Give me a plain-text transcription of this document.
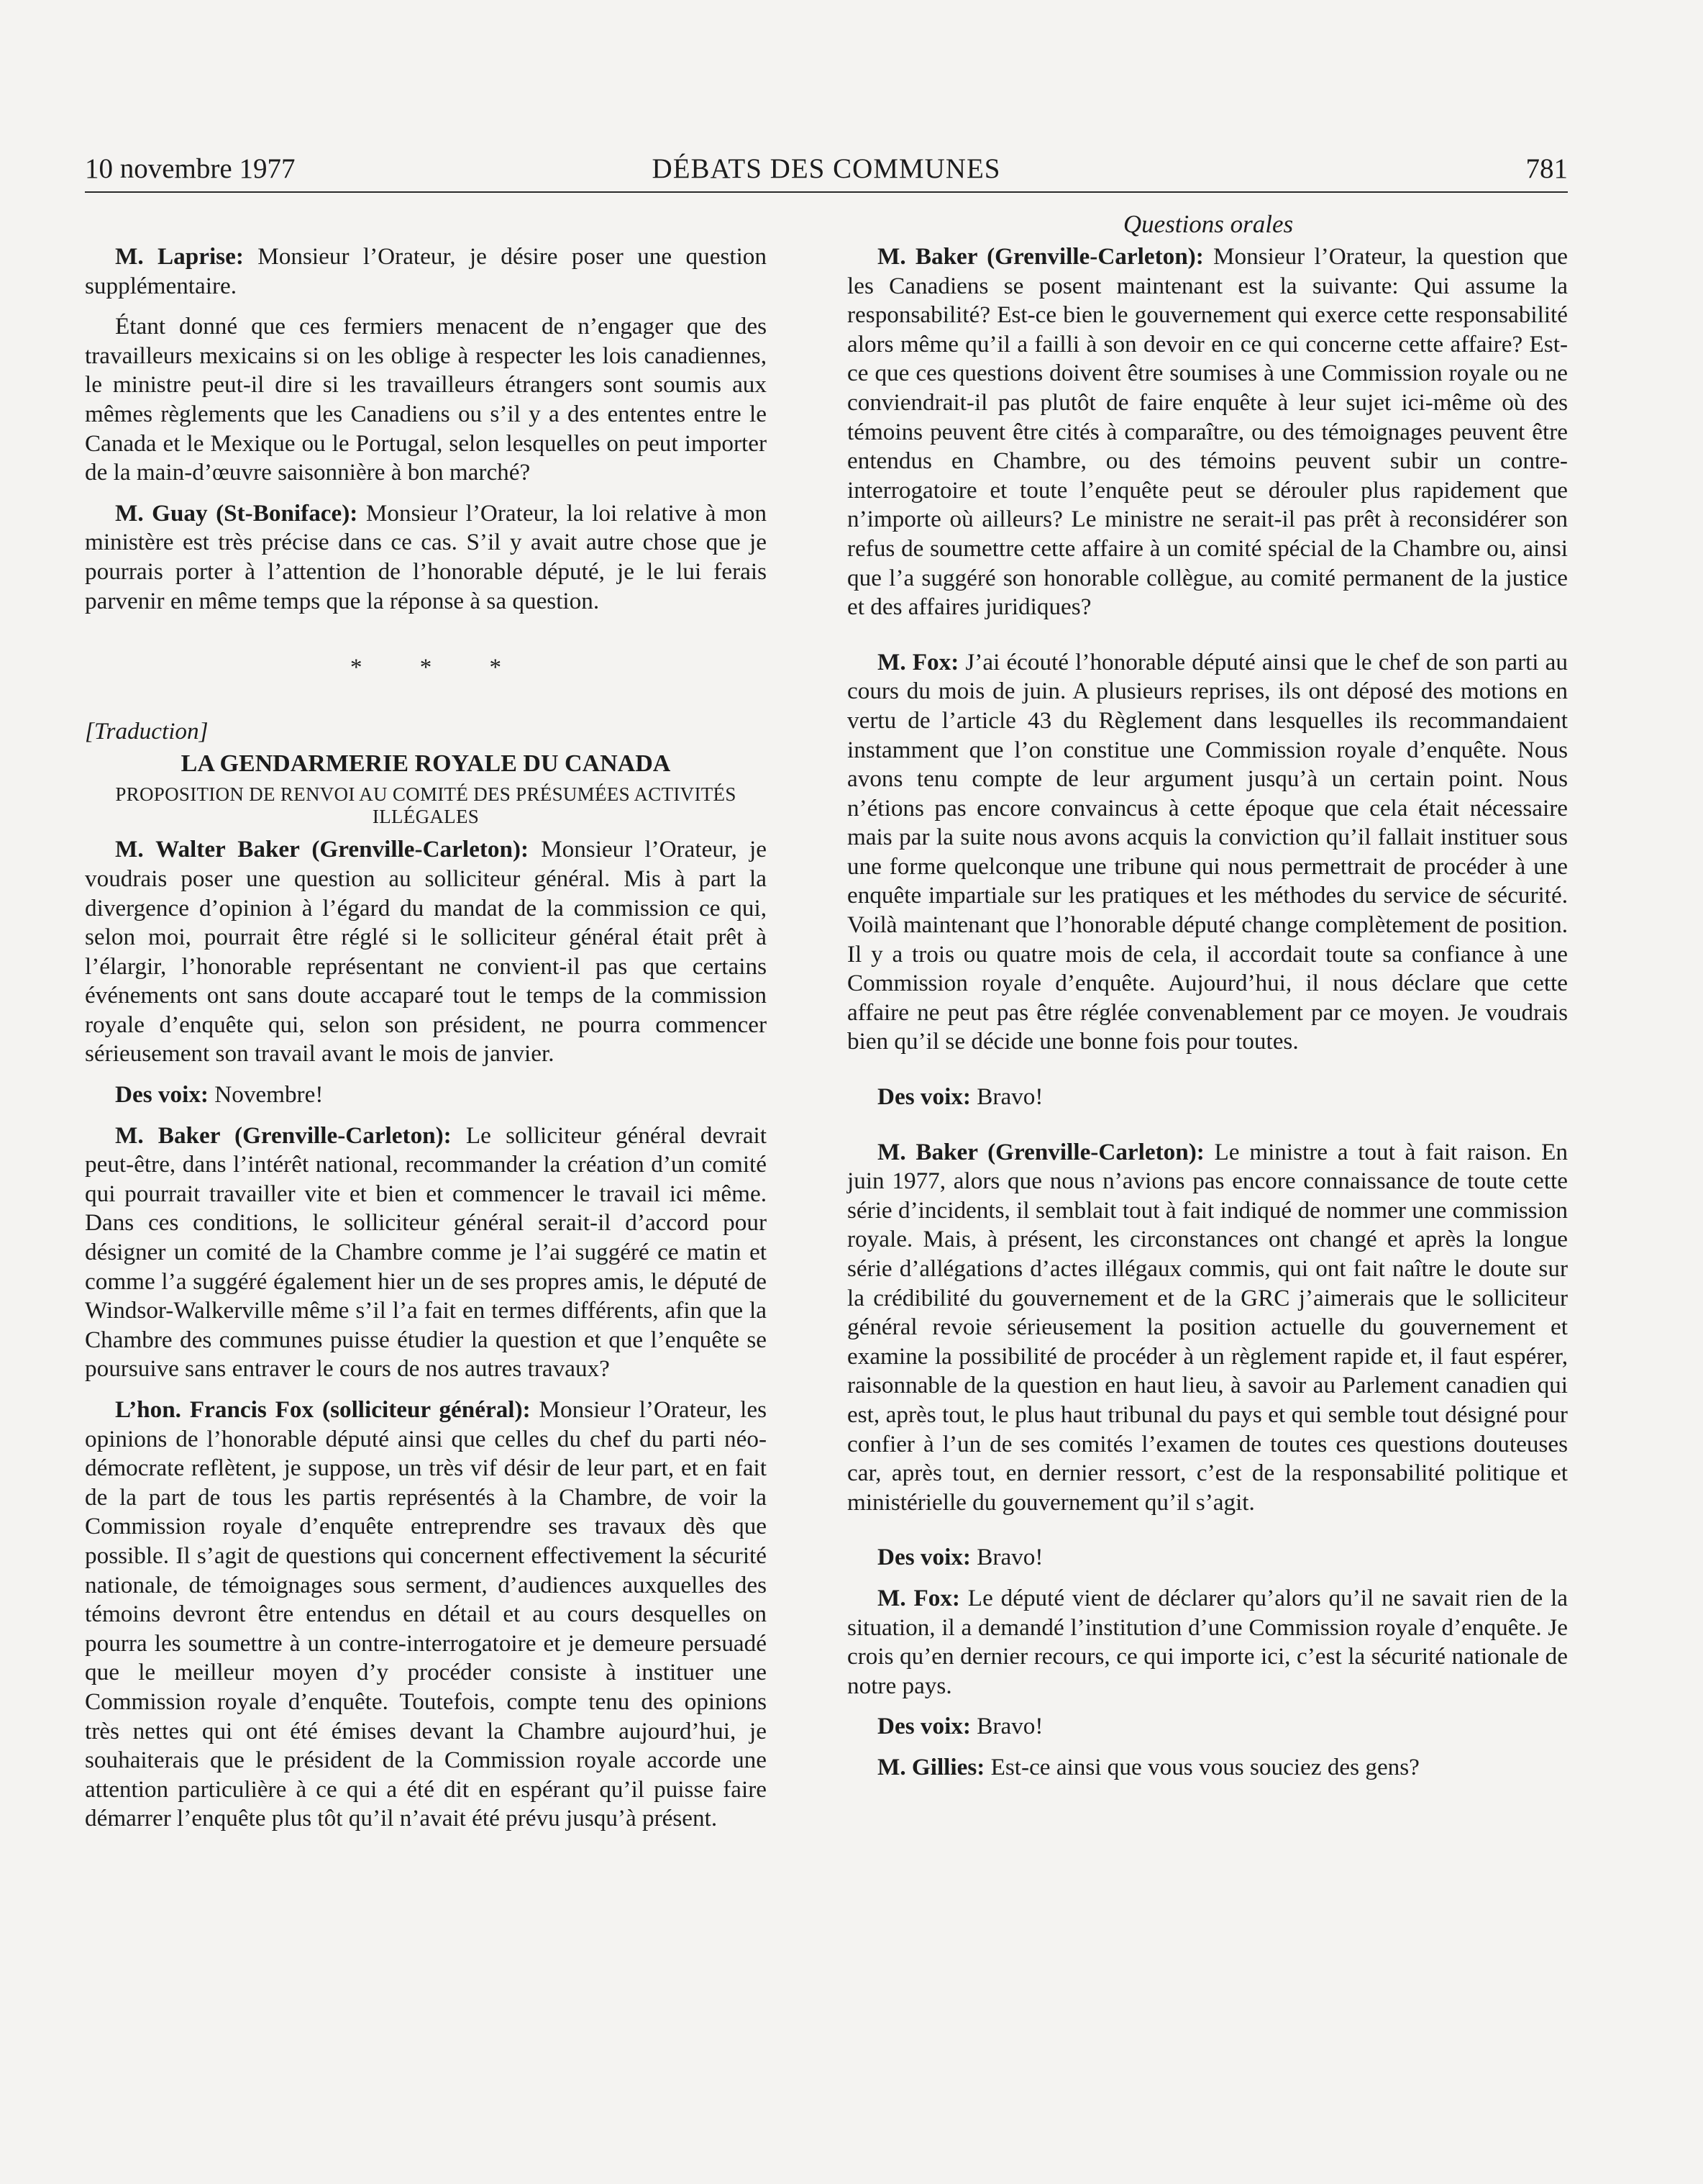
10 novembre 1977	DÉBATS DES COMMUNES	781
Questions orales

M. Laprise: Monsieur l’Orateur, je désire poser une question supplémentaire.

Étant donné que ces fermiers menacent de n’engager que des travailleurs mexicains si on les oblige à respecter les lois canadiennes, le ministre peut-il dire si les travailleurs étrangers sont soumis aux mêmes règlements que les Canadiens ou s’il y a des ententes entre le Canada et le Mexique ou le Portugal, selon lesquelles on peut importer de la main-d’œuvre saisonnière à bon marché?

M. Guay (St-Boniface): Monsieur l’Orateur, la loi relative à mon ministère est très précise dans ce cas. S’il y avait autre chose que je pourrais porter à l’attention de l’honorable député, je le lui ferais parvenir en même temps que la réponse à sa question.

* * *

[Traduction]

LA GENDARMERIE ROYALE DU CANADA
PROPOSITION DE RENVOI AU COMITÉ DES PRÉSUMÉES ACTIVITÉS ILLÉGALES

M. Walter Baker (Grenville-Carleton): Monsieur l’Orateur, je voudrais poser une question au solliciteur général. Mis à part la divergence d’opinion à l’égard du mandat de la commission ce qui, selon moi, pourrait être réglé si le solliciteur général était prêt à l’élargir, l’honorable représentant ne convient-il pas que certains événements ont sans doute accaparé tout le temps de la commission royale d’enquête qui, selon son président, ne pourra commencer sérieusement son travail avant le mois de janvier.

Des voix: Novembre!

M. Baker (Grenville-Carleton): Le solliciteur général devrait peut-être, dans l’intérêt national, recommander la création d’un comité qui pourrait travailler vite et bien et commencer le travail ici même. Dans ces conditions, le solliciteur général serait-il d’accord pour désigner un comité de la Chambre comme je l’ai suggéré ce matin et comme l’a suggéré également hier un de ses propres amis, le député de Windsor-Walkerville même s’il l’a fait en termes différents, afin que la Chambre des communes puisse étudier la question et que l’enquête se poursuive sans entraver le cours de nos autres travaux?

L’hon. Francis Fox (solliciteur général): Monsieur l’Orateur, les opinions de l’honorable député ainsi que celles du chef du parti néo-démocrate reflètent, je suppose, un très vif désir de leur part, et en fait de la part de tous les partis représentés à la Chambre, de voir la Commission royale d’enquête entreprendre ses travaux dès que possible. Il s’agit de questions qui concernent effectivement la sécurité nationale, de témoignages sous serment, d’audiences auxquelles des témoins devront être entendus en détail et au cours desquelles on pourra les soumettre à un contre-interrogatoire et je demeure persuadé que le meilleur moyen d’y procéder consiste à instituer une Commission royale d’enquête. Toutefois, compte tenu des opinions très nettes qui ont été émises devant la Chambre aujourd’hui, je souhaiterais que le président de la Commission royale accorde une attention particulière à ce qui a été dit en espérant qu’il puisse faire démarrer l’enquête plus tôt qu’il n’avait été prévu jusqu’à présent.

M. Baker (Grenville-Carleton): Monsieur l’Orateur, la question que les Canadiens se posent maintenant est la suivante: Qui assume la responsabilité? Est-ce bien le gouvernement qui exerce cette responsabilité alors même qu’il a failli à son devoir en ce qui concerne cette affaire? Est-ce que ces questions doivent être soumises à une Commission royale ou ne conviendrait-il pas plutôt de faire enquête à leur sujet ici-même où des témoins peuvent être cités à comparaître, ou des témoignages peuvent être entendus en Chambre, ou des témoins peuvent subir un contre-interrogatoire et toute l’enquête peut se dérouler plus rapidement que n’importe où ailleurs? Le ministre ne serait-il pas prêt à reconsidérer son refus de soumettre cette affaire à un comité spécial de la Chambre ou, ainsi que l’a suggéré son honorable collègue, au comité permanent de la justice et des affaires juridiques?

M. Fox: J’ai écouté l’honorable député ainsi que le chef de son parti au cours du mois de juin. A plusieurs reprises, ils ont déposé des motions en vertu de l’article 43 du Règlement dans lesquelles ils recommandaient instamment que l’on constitue une Commission royale d’enquête. Nous avons tenu compte de leur argument jusqu’à un certain point. Nous n’étions pas encore convaincus à cette époque que cela était nécessaire mais par la suite nous avons acquis la conviction qu’il fallait instituer sous une forme quelconque une tribune qui nous permettrait de procéder à une enquête impartiale sur les pratiques et les méthodes du service de sécurité. Voilà maintenant que l’honorable député change complètement de position. Il y a trois ou quatre mois de cela, il accordait toute sa confiance à une Commission royale d’enquête. Aujourd’hui, il nous déclare que cette affaire ne peut pas être réglée convenablement par ce moyen. Je voudrais bien qu’il se décide une bonne fois pour toutes.

Des voix: Bravo!

M. Baker (Grenville-Carleton): Le ministre a tout à fait raison. En juin 1977, alors que nous n’avions pas encore connaissance de toute cette série d’incidents, il semblait tout à fait indiqué de nommer une commission royale. Mais, à présent, les circonstances ont changé et après la longue série d’allégations d’actes illégaux commis, qui ont fait naître le doute sur la crédibilité du gouvernement et de la GRC j’aimerais que le solliciteur général revoie sérieusement la position actuelle du gouvernement et examine la possibilité de procéder à un règlement rapide et, il faut espérer, raisonnable de la question en haut lieu, à savoir au Parlement canadien qui est, après tout, le plus haut tribunal du pays et qui semble tout désigné pour confier à l’un de ses comités l’examen de toutes ces questions douteuses car, après tout, en dernier ressort, c’est de la responsabilité politique et ministérielle du gouvernement qu’il s’agit.

Des voix: Bravo!

M. Fox: Le député vient de déclarer qu’alors qu’il ne savait rien de la situation, il a demandé l’institution d’une Commission royale d’enquête. Je crois qu’en dernier recours, ce qui importe ici, c’est la sécurité nationale de notre pays.

Des voix: Bravo!

M. Gillies: Est-ce ainsi que vous vous souciez des gens?
